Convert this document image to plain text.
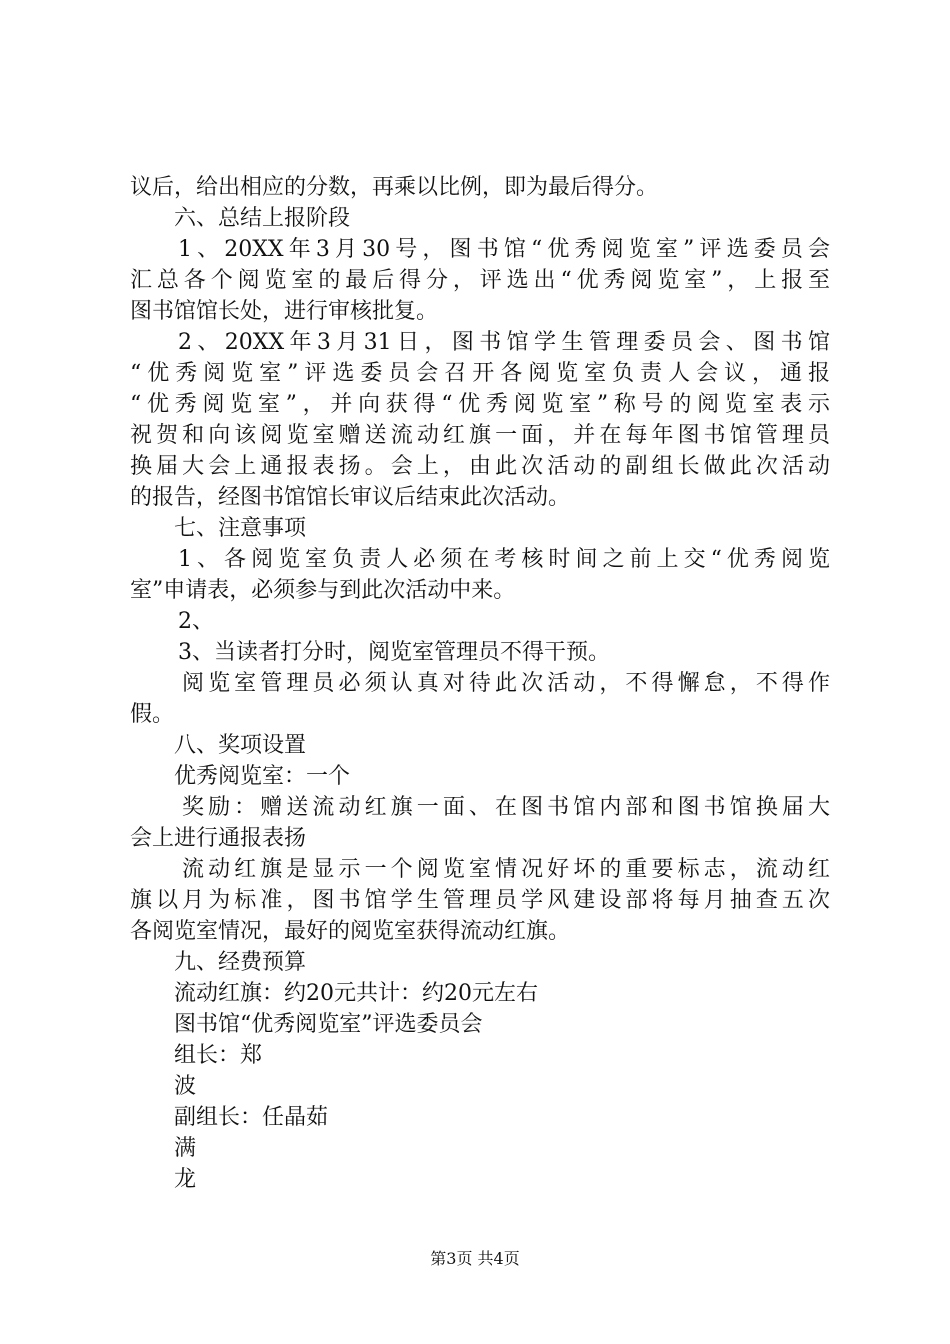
议后，给出相应的分数，再乘以比例，即为最后得分。
六、总结上报阶段
1、20XX年3月30号，图书馆“优秀阅览室”评选委员会
汇总各个阅览室的最后得分，评选出“优秀阅览室”，上报至
图书馆馆长处，进行审核批复。
2、20XX年3月31日，图书馆学生管理委员会、图书馆
“优秀阅览室”评选委员会召开各阅览室负责人会议，通报
“优秀阅览室”，并向获得“优秀阅览室”称号的阅览室表示
祝贺和向该阅览室赠送流动红旗一面，并在每年图书馆管理员
换届大会上通报表扬。会上，由此次活动的副组长做此次活动
的报告，经图书馆馆长审议后结束此次活动。
七、注意事项
1、各阅览室负责人必须在考核时间之前上交“优秀阅览
室”申请表，必须参与到此次活动中来。
2、
3、当读者打分时，阅览室管理员不得干预。
阅览室管理员必须认真对待此次活动，不得懈怠，不得作
假。
八、奖项设置
优秀阅览室：一个
奖励：赠送流动红旗一面、在图书馆内部和图书馆换届大
会上进行通报表扬
流动红旗是显示一个阅览室情况好坏的重要标志，流动红
旗以月为标准，图书馆学生管理员学风建设部将每月抽查五次
各阅览室情况，最好的阅览室获得流动红旗。
九、经费预算
流动红旗：约20元共计：约20元左右
图书馆“优秀阅览室”评选委员会
组长：郑
波
副组长：任晶茹
满
龙
第3页 共4页
